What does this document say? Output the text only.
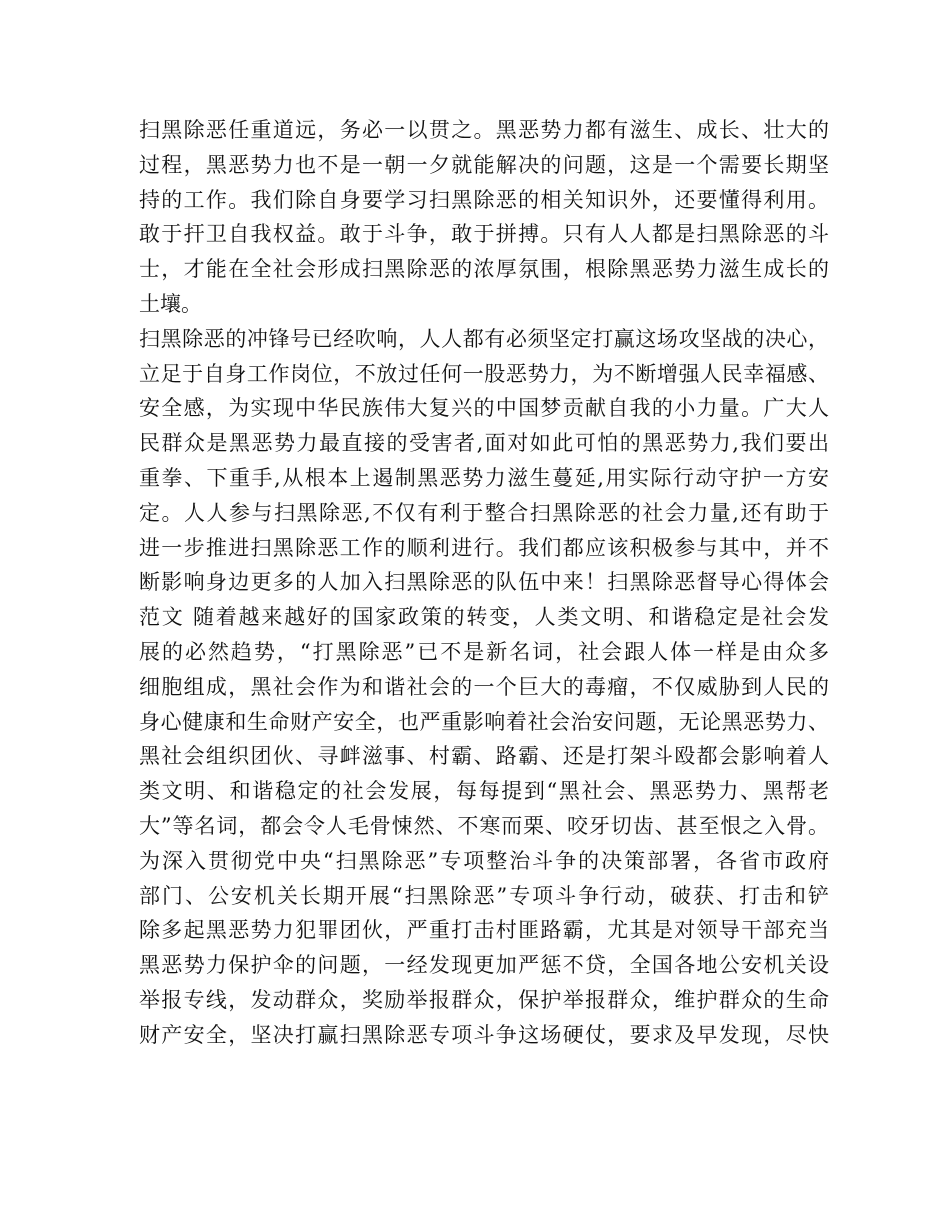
扫黑除恶任重道远，务必一以贯之。黑恶势力都有滋生、成长、壮大的
过程，黑恶势力也不是一朝一夕就能解决的问题，这是一个需要长期坚
持的工作。我们除自身要学习扫黑除恶的相关知识外，还要懂得利用。
敢于扞卫自我权益。敢于斗争，敢于拼搏。只有人人都是扫黑除恶的斗
士，才能在全社会形成扫黑除恶的浓厚氛围，根除黑恶势力滋生成长的
土壤。
扫黑除恶的冲锋号已经吹响，人人都有必须坚定打赢这场攻坚战的决心，
立足于自身工作岗位，不放过任何一股恶势力，为不断增强人民幸福感、
安全感，为实现中华民族伟大复兴的中国梦贡献自我的小力量。广大人
民群众是黑恶势力最直接的受害者,面对如此可怕的黑恶势力,我们要出
重拳、下重手,从根本上遏制黑恶势力滋生蔓延,用实际行动守护一方安
定。人人参与扫黑除恶,不仅有利于整合扫黑除恶的社会力量,还有助于
进一步推进扫黑除恶工作的顺利进行。我们都应该积极参与其中，并不
断影响身边更多的人加入扫黑除恶的队伍中来！扫黑除恶督导心得体会
范文 随着越来越好的国家政策的转变，人类文明、和谐稳定是社会发
展的必然趋势，“打黑除恶”已不是新名词，社会跟人体一样是由众多
细胞组成，黑社会作为和谐社会的一个巨大的毒瘤，不仅威胁到人民的
身心健康和生命财产安全，也严重影响着社会治安问题，无论黑恶势力、
黑社会组织团伙、寻衅滋事、村霸、路霸、还是打架斗殴都会影响着人
类文明、和谐稳定的社会发展，每每提到“黑社会、黑恶势力、黑帮老
大”等名词，都会令人毛骨悚然、不寒而栗、咬牙切齿、甚至恨之入骨。
为深入贯彻党中央“扫黑除恶”专项整治斗争的决策部署，各省市政府
部门、公安机关长期开展“扫黑除恶”专项斗争行动，破获、打击和铲
除多起黑恶势力犯罪团伙，严重打击村匪路霸，尤其是对领导干部充当
黑恶势力保护伞的问题，一经发现更加严惩不贷，全国各地公安机关设
举报专线，发动群众，奖励举报群众，保护举报群众，维护群众的生命
财产安全，坚决打赢扫黑除恶专项斗争这场硬仗，要求及早发现，尽快
